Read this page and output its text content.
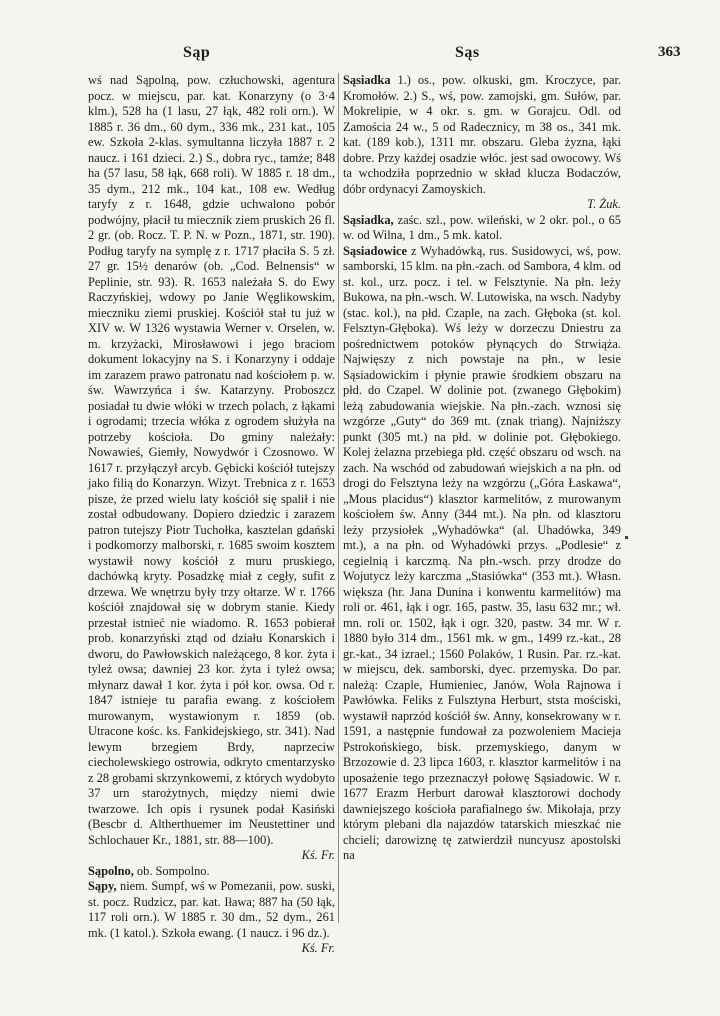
Sąp	Sąs	363

wś nad Sąpolną, pow. człuchowski, agentura pocz. w miejscu, par. kat. Konarzyny (o 3·4 klm.), 528 ha (1 lasu, 27 łąk, 482 roli orn.). W 1885 r. 36 dm., 60 dym., 336 mk., 231 kat., 105 ew. Szkoła 2-klas. symultanna liczyła 1887 r. 2 naucz. i 161 dzieci. 2.) S., dobra ryc., tamże; 848 ha (57 lasu, 58 łąk, 668 roli). W 1885 r. 18 dm., 35 dym., 212 mk., 104 kat., 108 ew. Według taryfy z r. 1648, gdzie uchwalono pobór podwójny, płacił tu miecznik ziem pruskich 26 fl. 2 gr. (ob. Rocz. T. P. N. w Pozn., 1871, str. 190). Podług taryfy na symplę z r. 1717 płaciła S. 5 zł. 27 gr. 15½ denarów (ob. „Cod. Belnensis“ w Peplinie, str. 93). R. 1653 należała S. do Ewy Raczyńskiej, wdowy po Janie Węglikowskim, mieczniku ziemi pruskiej. Kościół stał tu już w XIV w. W 1326 wystawia Werner v. Orselen, w. m. krzyżacki, Mirosławowi i jego braciom dokument lokacyjny na S. i Konarzyny i oddaje im zarazem prawo patronatu nad kościołem p. w. św. Wawrzyńca i św. Katarzyny. Proboszcz posiadał tu dwie włóki w trzech polach, z łąkami i ogrodami; trzecia włóka z ogrodem służyła na potrzeby kościoła. Do gminy należały: Nowawieś, Giemły, Nowydwór i Czosnowo. W 1617 r. przyłączył arcyb. Gębicki kościół tutejszy jako filią do Konarzyn. Wizyt. Trebnica z r. 1653 pisze, że przed wielu laty kościół się spalił i nie został odbudowany. Dopiero dziedzic i zarazem patron tutejszy Piotr Tuchołka, kasztelan gdański i podkomorzy malborski, r. 1685 swoim kosztem wystawił nowy kościół z muru pruskiego, dachówką kryty. Posadzkę miał z cegły, sufit z drzewa. We wnętrzu były trzy ołtarze. W r. 1766 kościół znajdował się w dobrym stanie. Kiedy przestał istnieć nie wiadomo. R. 1653 pobierał prob. konarzyński ztąd od działu Konarskich i dworu, do Pawłowskich należącego, 8 kor. żyta i tyleż owsa; dawniej 23 kor. żyta i tyleż owsa; młynarz dawał 1 kor. żyta i pół kor. owsa. Od r. 1847 istnieje tu parafia ewang. z kościołem murowanym, wystawionym r. 1859 (ob. Utracone kośc. ks. Fankidejskiego, str. 341). Nad lewym brzegiem Brdy, naprzeciw ciecholewskiego ostrowia, odkryto cmentarzysko z 28 grobami skrzynkowemi, z których wydobyto 37 urn starożytnych, między niemi dwie twarzowe. Ich opis i rysunek podał Kasiński (Bescbr d. Altherthuemer im Neustettiner und Schlochauer Kr., 1881, str. 88—100).
Kś. Fr.

Sąpolno, ob. Sompolno.

Sąpy, niem. Sumpf, wś w Pomezanii, pow. suski, st. pocz. Rudzicz, par. kat. Iława; 887 ha (50 łąk, 117 roli orn.). W 1885 r. 30 dm., 52 dym., 261 mk. (1 katol.). Szkoła ewang. (1 naucz. i 96 dz.).
Kś. Fr.

Sąsiadka 1.) os., pow. olkuski, gm. Kroczyce, par. Kromołów. 2.) S., wś, pow. zamojski, gm. Sułów, par. Mokrelipie, w 4 okr. s. gm. w Gorajcu. Odl. od Zamościa 24 w., 5 od Radecznicy, m 38 os., 341 mk. kat. (189 kob.), 1311 mr. obszaru. Gleba żyzna, łąki dobre. Przy każdej osadzie włóc. jest sad owocowy. Wś ta wchodziła poprzednio w skład klucza Bodaczów, dóbr ordynacyi Zamoyskich.
T. Żuk.

Sąsiadka, zaśc. szl., pow. wileński, w 2 okr. pol., o 65 w. od Wilna, 1 dm., 5 mk. katol.

Sąsiadowice z Wyhadówką, rus. Susidowyci, wś, pow. samborski, 15 klm. na płn.-zach. od Sambora, 4 klm. od st. kol., urz. pocz. i tel. w Felsztynie. Na płn. leży Bukowa, na płn.-wsch. W. Lutowiska, na wsch. Nadyby (stac. kol.), na płd. Czaple, na zach. Głęboka (st. kol. Felsztyn-Głęboka). Wś leży w dorzeczu Dniestru za pośrednictwem potoków płynących do Strwiąża. Najwięszy z nich powstaje na płn., w lesie Sąsiadowickim i płynie prawie środkiem obszaru na płd. do Czapel. W dolinie pot. (zwanego Głębokim) leżą zabudowania wiejskie. Na płn.-zach. wznosi się wzgórze „Guty“ do 369 mt. (znak triang). Najniższy punkt (305 mt.) na płd. w dolinie pot. Głębokiego. Kolej żelazna przebiega płd. część obszaru od wsch. na zach. Na wschód od zabudowań wiejskich a na płn. od drogi do Felsztyna leży na wzgórzu („Góra Łaskawa“, „Mous placidus“) klasztor karmelitów, z murowanym kościołem św. Anny (344 mt.). Na płn. od klasztoru leży przysiołek „Wyhadówka“ (al. Uhadówka, 349 mt.), a na płn. od Wyhadówki przys. „Podlesie“ z cegielnią i karczmą. Na płn.-wsch. przy drodze do Wojutycz leży karczma „Stasiówka“ (353 mt.). Własn. większa (hr. Jana Dunina i konwentu karmelitów) ma roli or. 461, łąk i ogr. 165, pastw. 35, lasu 632 mr.; wł. mn. roli or. 1502, łąk i ogr. 320, pastw. 34 mr. W r. 1880 było 314 dm., 1561 mk. w gm., 1499 rz.-kat., 28 gr.-kat., 34 izrael.; 1560 Polaków, 1 Rusin. Par. rz.-kat. w miejscu, dek. samborski, dyec. przemyska. Do par. należą: Czaple, Humieniec, Janów, Wola Rajnowa i Pawłówka. Feliks z Fulsztyna Herburt, ststa mościski, wystawił naprzód kościół św. Anny, konsekrowany w r. 1591, a następnie fundował za pozwoleniem Macieja Pstrokońskiego, bisk. przemyskiego, danym w Brzozowie d. 23 lipca 1603, r. klasztor karmelitów i na uposażenie tego przeznaczył połowę Sąsiadowic. W r. 1677 Erazm Herburt darował klasztorowi dochody dawniejszego kościoła parafialnego św. Mikołaja, przy którym plebani dla najazdów tatarskich mieszkać nie chcieli; darowiznę tę zatwierdził nuncyusz apostolski na
